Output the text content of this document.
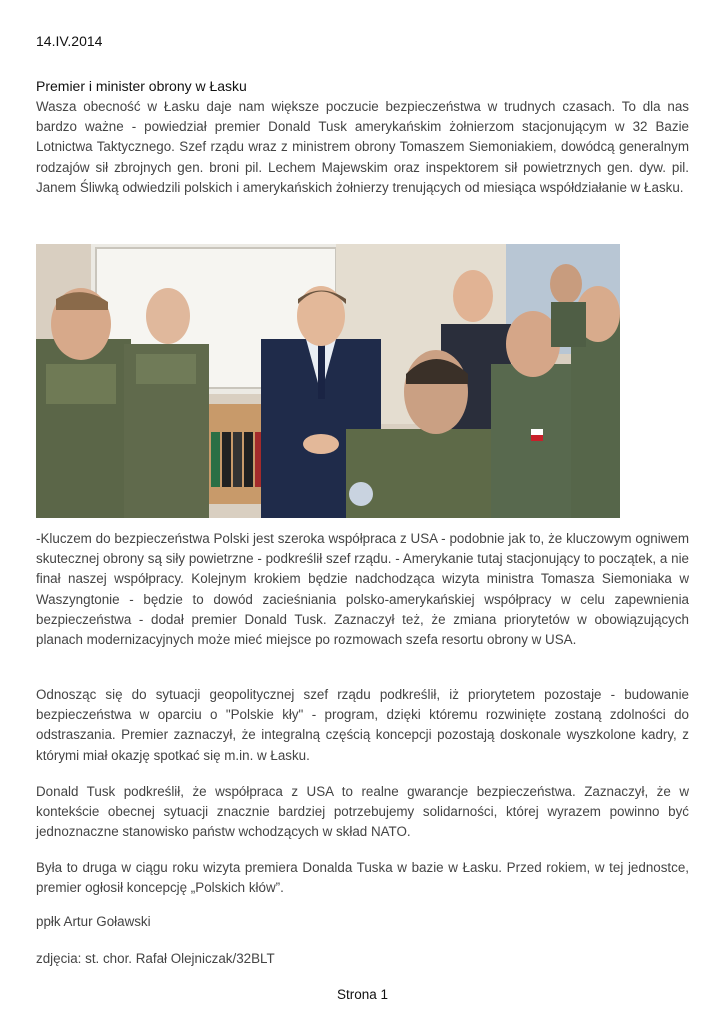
14.IV.2014
Premier i minister obrony w Łasku

Wasza obecność w Łasku daje nam większe poczucie bezpieczeństwa w trudnych czasach. To dla nas bardzo ważne - powiedział premier Donald Tusk amerykańskim żołnierzom stacjonującym w 32 Bazie Lotnictwa Taktycznego. Szef rządu wraz z ministrem obrony Tomaszem Siemoniakiem, dowódcą generalnym rodzajów sił zbrojnych gen. broni pil. Lechem Majewskim oraz inspektorem sił powietrznych gen. dyw. pil. Janem Śliwką odwiedzili polskich i amerykańskich żołnierzy trenujących od miesiąca współdziałanie w Łasku.

-Kluczem do bezpieczeństwa Polski jest szeroka współpraca z USA - podobnie jak to, że kluczowym ogniwem skutecznej obrony są siły powietrzne - podkreślił szef rządu. - Amerykanie tutaj stacjonujący to początek, a nie finał naszej współpracy. Kolejnym krokiem będzie nadchodząca wizyta ministra Tomasza Siemoniaka w Waszyngtonie - będzie to dowód zacieśniania polsko-amerykańskiej współpracy w celu zapewnienia bezpieczeństwa - dodał premier Donald Tusk. Zaznaczył też, że zmiana priorytetów w obowiązujących planach modernizacyjnych może mieć miejsce po rozmowach szefa resortu obrony w USA.

Odnosząc się do sytuacji geopolitycznej szef rządu podkreślił, iż priorytetem pozostaje - budowanie bezpieczeństwa w oparciu o "Polskie kły" - program, dzięki któremu rozwinięte zostaną zdolności do odstraszania. Premier zaznaczył, że integralną częścią koncepcji pozostają doskonale wyszkolone kadry, z którymi miał okazję spotkać się m.in. w Łasku.

Donald Tusk podkreślił, że współpraca z USA to realne gwarancje bezpieczeństwa. Zaznaczył, że w kontekście obecnej sytuacji znacznie bardziej potrzebujemy solidarności, której wyrazem powinno być jednoznaczne stanowisko państw wchodzących w skład NATO.

Była to druga w ciągu roku wizyta premiera Donalda Tuska w bazie w Łasku. Przed rokiem, w tej jednostce, premier ogłosił koncepcję „Polskich kłów”.

ppłk Artur Goławski
zdjęcia: st. chor. Rafał Olejniczak/32BLT
Strona 1
